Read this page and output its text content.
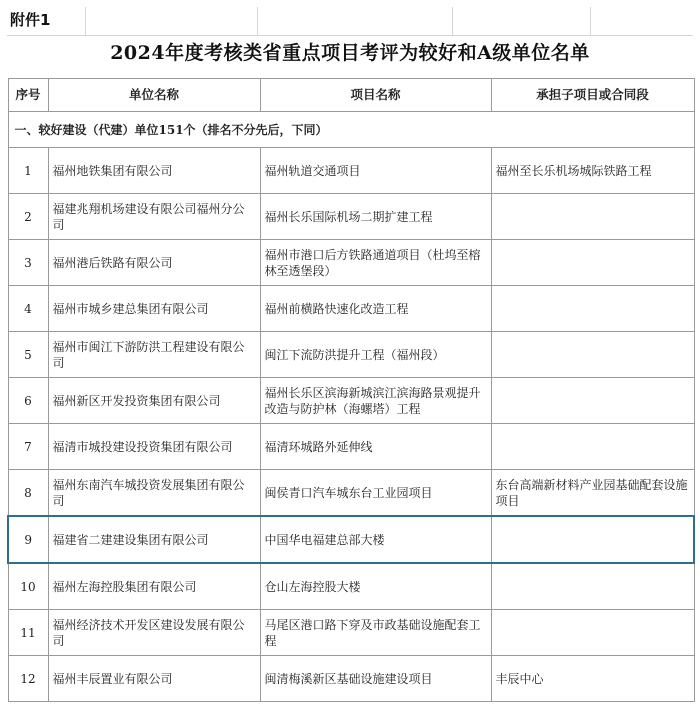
附件1
2024年度考核类省重点项目考评为较好和A级单位名单
序号	单位名称	项目名称	承担子项目或合同段
一、较好建设（代建）单位151个（排名不分先后，下同）			
1	福州地铁集团有限公司	福州轨道交通项目	福州至长乐机场城际铁路工程
2	福建兆翔机场建设有限公司福州分公司	福州长乐国际机场二期扩建工程	
3	福州港后铁路有限公司	福州市港口后方铁路通道项目（杜坞至榕林至透堡段）	
4	福州市城乡建总集团有限公司	福州前横路快速化改造工程	
5	福州市闽江下游防洪工程建设有限公司	闽江下流防洪提升工程（福州段）	
6	福州新区开发投资集团有限公司	福州长乐区滨海新城滨江滨海路景观提升改造与防护林（海螺塔）工程	
7	福清市城投建设投资集团有限公司	福清环城路外延伸线	
8	福州东南汽车城投资发展集团有限公司	闽侯青口汽车城东台工业园项目	东台高端新材料产业园基础配套设施项目
9	福建省二建建设集团有限公司	中国华电福建总部大楼	
10	福州左海控股集团有限公司	仓山左海控股大楼	
11	福州经济技术开发区建设发展有限公司	马尾区港口路下穿及市政基础设施配套工程	
12	福州丰辰置业有限公司	闽清梅溪新区基础设施建设项目	丰辰中心
